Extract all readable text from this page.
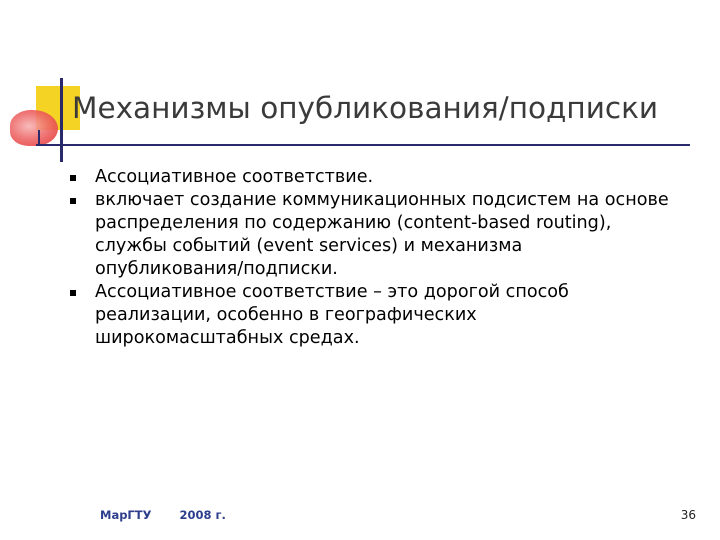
Механизмы опубликования/подписки
Ассоциативное соответствие.
включает создание коммуникационных подсистем на основе распределения по содержанию (content-based routing), службы событий (event services) и механизма опубликования/подписки.
Ассоциативное соответствие – это дорогой способ реализации, особенно в географических широкомасштабных средах.
МарГТУ 2008 г.	36
